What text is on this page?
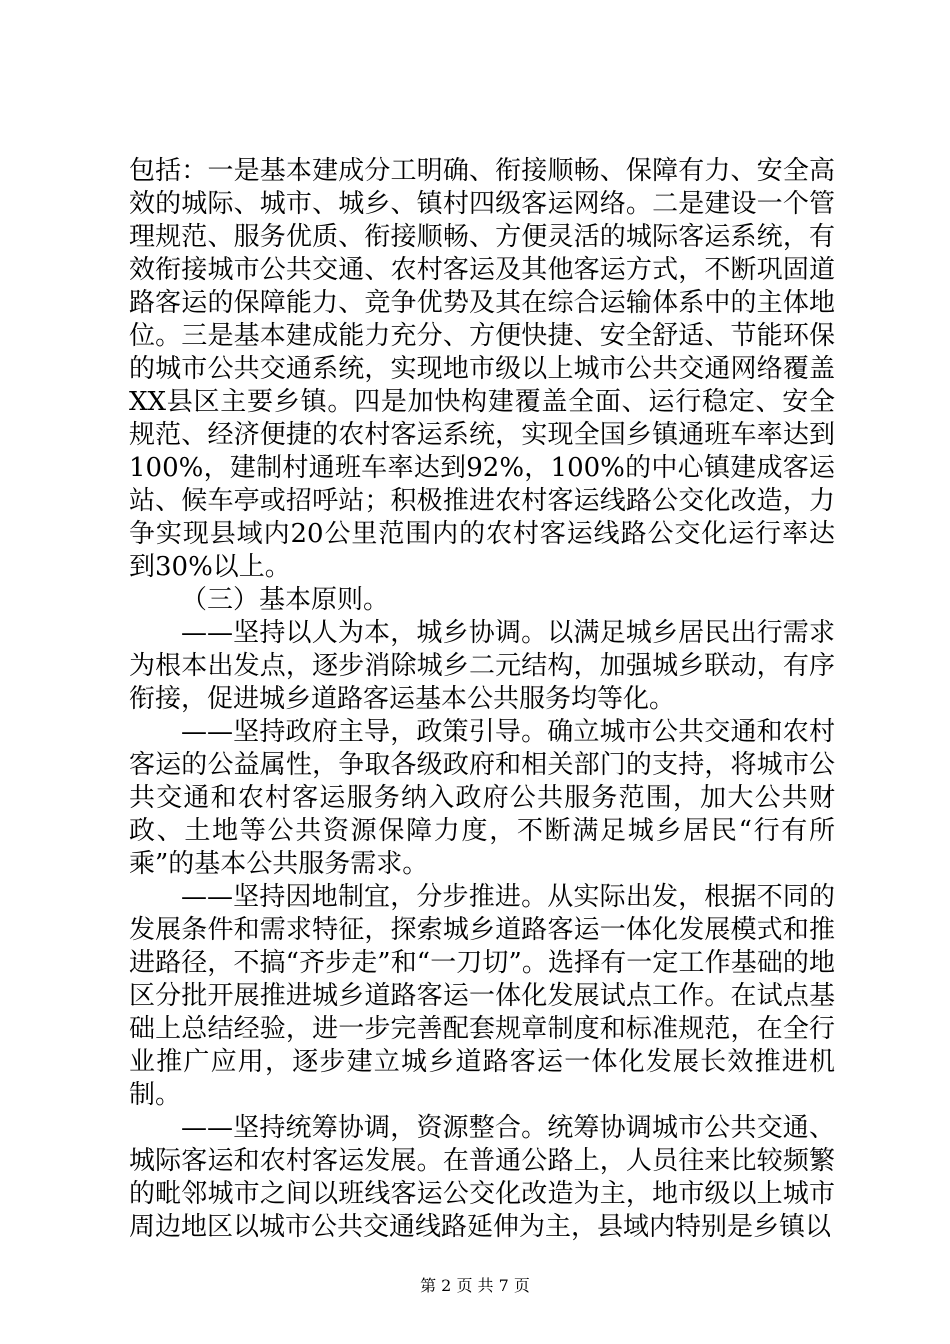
包括：一是基本建成分工明确、衔接顺畅、保障有力、安全高效的城际、城市、城乡、镇村四级客运网络。二是建设一个管理规范、服务优质、衔接顺畅、方便灵活的城际客运系统，有效衔接城市公共交通、农村客运及其他客运方式，不断巩固道路客运的保障能力、竞争优势及其在综合运输体系中的主体地位。三是基本建成能力充分、方便快捷、安全舒适、节能环保的城市公共交通系统，实现地市级以上城市公共交通网络覆盖XX县区主要乡镇。四是加快构建覆盖全面、运行稳定、安全规范、经济便捷的农村客运系统，实现全国乡镇通班车率达到100%，建制村通班车率达到92%，100%的中心镇建成客运站、候车亭或招呼站；积极推进农村客运线路公交化改造，力争实现县域内20公里范围内的农村客运线路公交化运行率达到30%以上。

（三）基本原则。

——坚持以人为本，城乡协调。以满足城乡居民出行需求为根本出发点，逐步消除城乡二元结构，加强城乡联动，有序衔接，促进城乡道路客运基本公共服务均等化。

——坚持政府主导，政策引导。确立城市公共交通和农村客运的公益属性，争取各级政府和相关部门的支持，将城市公共交通和农村客运服务纳入政府公共服务范围，加大公共财政、土地等公共资源保障力度，不断满足城乡居民“行有所乘”的基本公共服务需求。

——坚持因地制宜，分步推进。从实际出发，根据不同的发展条件和需求特征，探索城乡道路客运一体化发展模式和推进路径，不搞“齐步走”和“一刀切”。选择有一定工作基础的地区分批开展推进城乡道路客运一体化发展试点工作。在试点基础上总结经验，进一步完善配套规章制度和标准规范，在全行业推广应用，逐步建立城乡道路客运一体化发展长效推进机制。

——坚持统筹协调，资源整合。统筹协调城市公共交通、城际客运和农村客运发展。在普通公路上，人员往来比较频繁的毗邻城市之间以班线客运公交化改造为主，地市级以上城市周边地区以城市公共交通线路延伸为主，县域内特别是乡镇以

第 2 页 共 7 页
